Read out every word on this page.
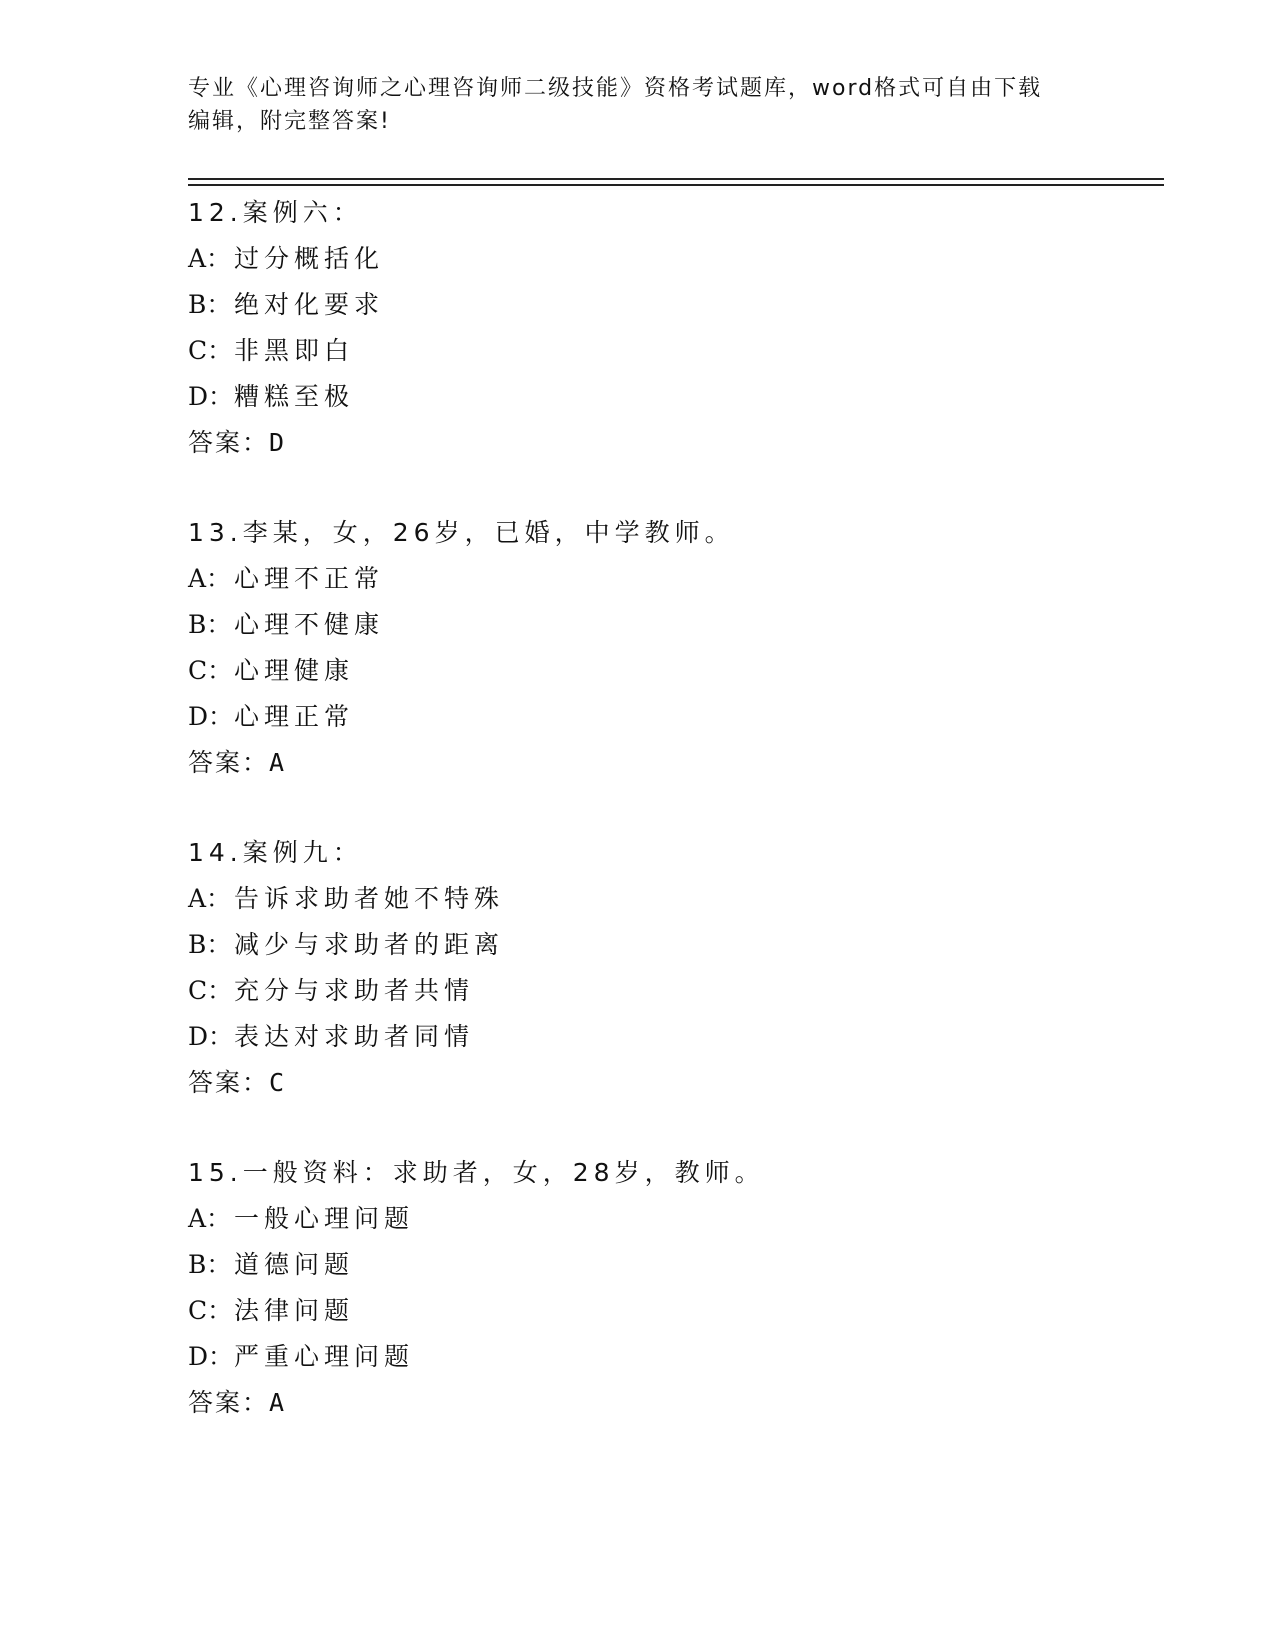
专业《心理咨询师之心理咨询师二级技能》资格考试题库，word格式可自由下载
编辑，附完整答案!
12.案例六：
A： 过分概括化
B： 绝对化要求
C：非黑即白
D：糟糕至极
答案：D
13.李某，女，26岁，已婚，中学教师。
A： 心理不正常
B： 心理不健康
C：心理健康
D：心理正常
答案：A
14.案例九：
A： 告诉求助者她不特殊
B： 减少与求助者的距离
C：充分与求助者共情
D：表达对求助者同情
答案：C
15.一般资料：求助者，女，28岁，教师。
A： 一般心理问题
B： 道德问题
C：法律问题
D：严重心理问题
答案：A
